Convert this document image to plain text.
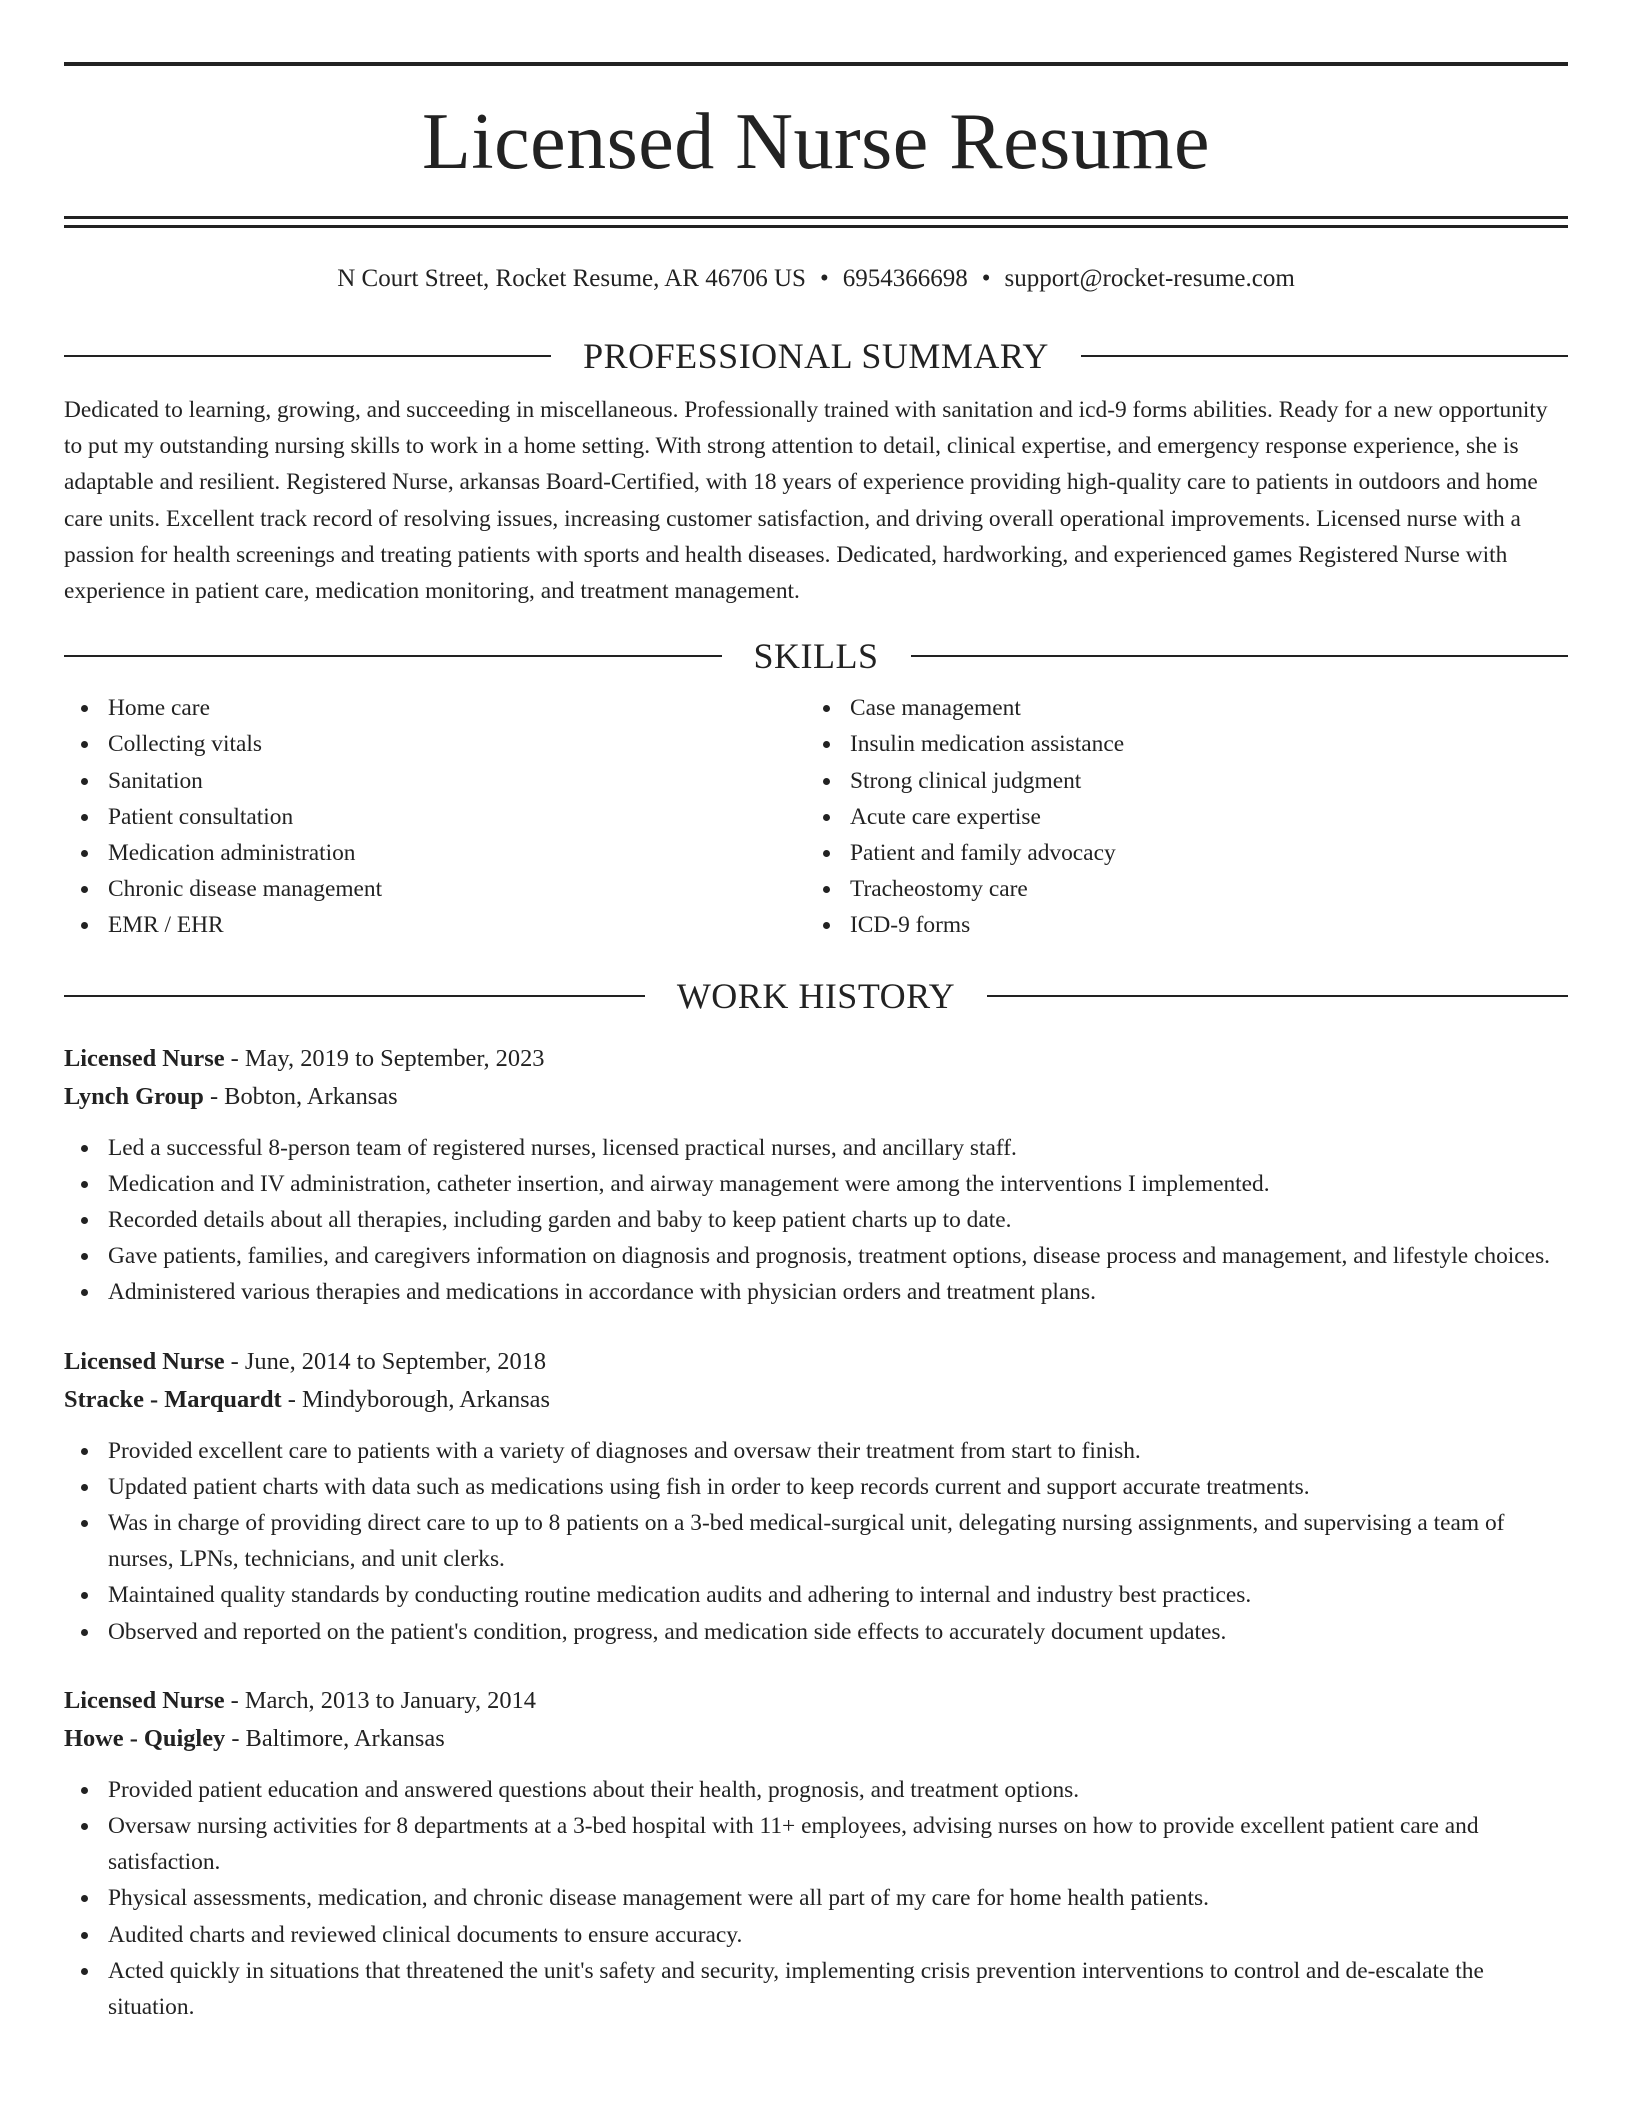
Licensed Nurse Resume
N Court Street, Rocket Resume, AR 46706 US • 6954366698 • support@rocket-resume.com
PROFESSIONAL SUMMARY

Dedicated to learning, growing, and succeeding in miscellaneous. Professionally trained with sanitation and icd-9 forms abilities. Ready for a new opportunity to put my outstanding nursing skills to work in a home setting. With strong attention to detail, clinical expertise, and emergency response experience, she is adaptable and resilient. Registered Nurse, arkansas Board-Certified, with 18 years of experience providing high-quality care to patients in outdoors and home care units. Excellent track record of resolving issues, increasing customer satisfaction, and driving overall operational improvements. Licensed nurse with a passion for health screenings and treating patients with sports and health diseases. Dedicated, hardworking, and experienced games Registered Nurse with experience in patient care, medication monitoring, and treatment management.

SKILLS
Home care
Collecting vitals
Sanitation
Patient consultation
Medication administration
Chronic disease management
EMR / EHR
Case management
Insulin medication assistance
Strong clinical judgment
Acute care expertise
Patient and family advocacy
Tracheostomy care
ICD-9 forms
WORK HISTORY
Licensed Nurse - May, 2019 to September, 2023
Lynch Group - Bobton, Arkansas
Led a successful 8-person team of registered nurses, licensed practical nurses, and ancillary staff.
Medication and IV administration, catheter insertion, and airway management were among the interventions I implemented.
Recorded details about all therapies, including garden and baby to keep patient charts up to date.
Gave patients, families, and caregivers information on diagnosis and prognosis, treatment options, disease process and management, and lifestyle choices.
Administered various therapies and medications in accordance with physician orders and treatment plans.
Licensed Nurse - June, 2014 to September, 2018
Stracke - Marquardt - Mindyborough, Arkansas
Provided excellent care to patients with a variety of diagnoses and oversaw their treatment from start to finish.
Updated patient charts with data such as medications using fish in order to keep records current and support accurate treatments.
Was in charge of providing direct care to up to 8 patients on a 3-bed medical-surgical unit, delegating nursing assignments, and supervising a team of nurses, LPNs, technicians, and unit clerks.
Maintained quality standards by conducting routine medication audits and adhering to internal and industry best practices.
Observed and reported on the patient's condition, progress, and medication side effects to accurately document updates.
Licensed Nurse - March, 2013 to January, 2014
Howe - Quigley - Baltimore, Arkansas
Provided patient education and answered questions about their health, prognosis, and treatment options.
Oversaw nursing activities for 8 departments at a 3-bed hospital with 11+ employees, advising nurses on how to provide excellent patient care and satisfaction.
Physical assessments, medication, and chronic disease management were all part of my care for home health patients.
Audited charts and reviewed clinical documents to ensure accuracy.
Acted quickly in situations that threatened the unit's safety and security, implementing crisis prevention interventions to control and de-escalate the situation.
